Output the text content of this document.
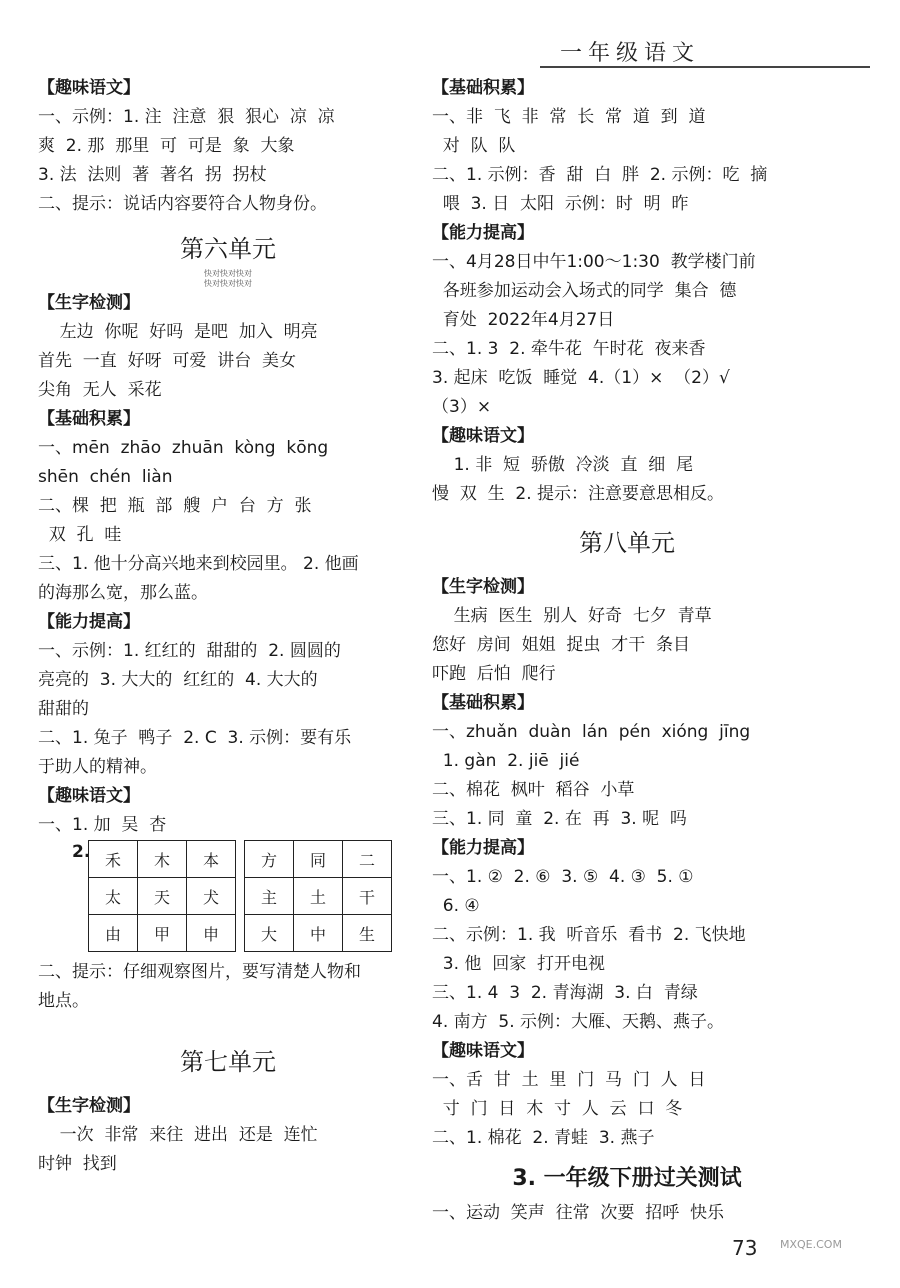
一年级语文
【趣味语文】
一、示例：1. 注  注意  狠  狠心  凉  凉
爽  2. 那  那里  可  可是  象  大象
3. 法  法则  著  著名  拐  拐杖
二、提示：说话内容要符合人物身份。
第六单元
快对快对快对
快对快对快对
【生字检测】
左边  你呢  好吗  是吧  加入  明亮
首先  一直  好呀  可爱  讲台  美女
尖角  无人  采花
【基础积累】
一、mēn  zhāo  zhuān  kòng  kōng
shēn  chén  liàn
二、棵  把  瓶  部  艘  户  台  方  张
双  孔  哇
三、1. 他十分高兴地来到校园里。 2. 他画
的海那么宽，那么蓝。
【能力提高】
一、示例：1. 红红的  甜甜的  2. 圆圆的
亮亮的  3. 大大的  红红的  4. 大大的
甜甜的
二、1. 兔子  鸭子  2. C  3. 示例：要有乐
于助人的精神。
【趣味语文】
一、1. 加  吴  杏
2. 禾	木	本
太	天	犬
由	甲	申
方	同	二
主	土	干
大	中	生
二、提示：仔细观察图片，要写清楚人物和
地点。
第七单元
【生字检测】
一次  非常  来往  进出  还是  连忙
时钟  找到
【基础积累】
一、非  飞  非  常  长  常  道  到  道
对  队  队
二、1. 示例：香  甜  白  胖  2. 示例：吃  摘
喂  3. 日  太阳  示例：时  明  昨
【能力提高】
一、4月28日中午1:00～1:30  教学楼门前
各班参加运动会入场式的同学  集合  德
育处  2022年4月27日
二、1. 3  2. 牵牛花  午时花  夜来香
3. 起床  吃饭  睡觉  4.（1）×  （2）√
（3）×
【趣味语文】
1. 非  短  骄傲  冷淡  直  细  尾
慢  双  生  2. 提示：注意要意思相反。
第八单元
【生字检测】
生病  医生  别人  好奇  七夕  青草
您好  房间  姐姐  捉虫  才干  条目
吓跑  后怕  爬行
【基础积累】
一、zhuǎn  duàn  lán  pén  xióng  jīng
1. gàn  2. jiē  jié
二、棉花  枫叶  稻谷  小草
三、1. 同  童  2. 在  再  3. 呢  吗
【能力提高】
一、1. ②  2. ⑥  3. ⑤  4. ③  5. ①
6. ④
二、示例：1. 我  听音乐  看书  2. 飞快地
3. 他  回家  打开电视
三、1. 4  3  2. 青海湖  3. 白  青绿
4. 南方  5. 示例：大雁、天鹅、燕子。
【趣味语文】
一、舌  甘  土  里  门  马  门  人  日
寸  门  日  木  寸  人  云  口  冬
二、1. 棉花  2. 青蛙  3. 燕子
3. 一年级下册过关测试
一、运动  笑声  往常  次要  招呼  快乐
73 MXQE.COM
